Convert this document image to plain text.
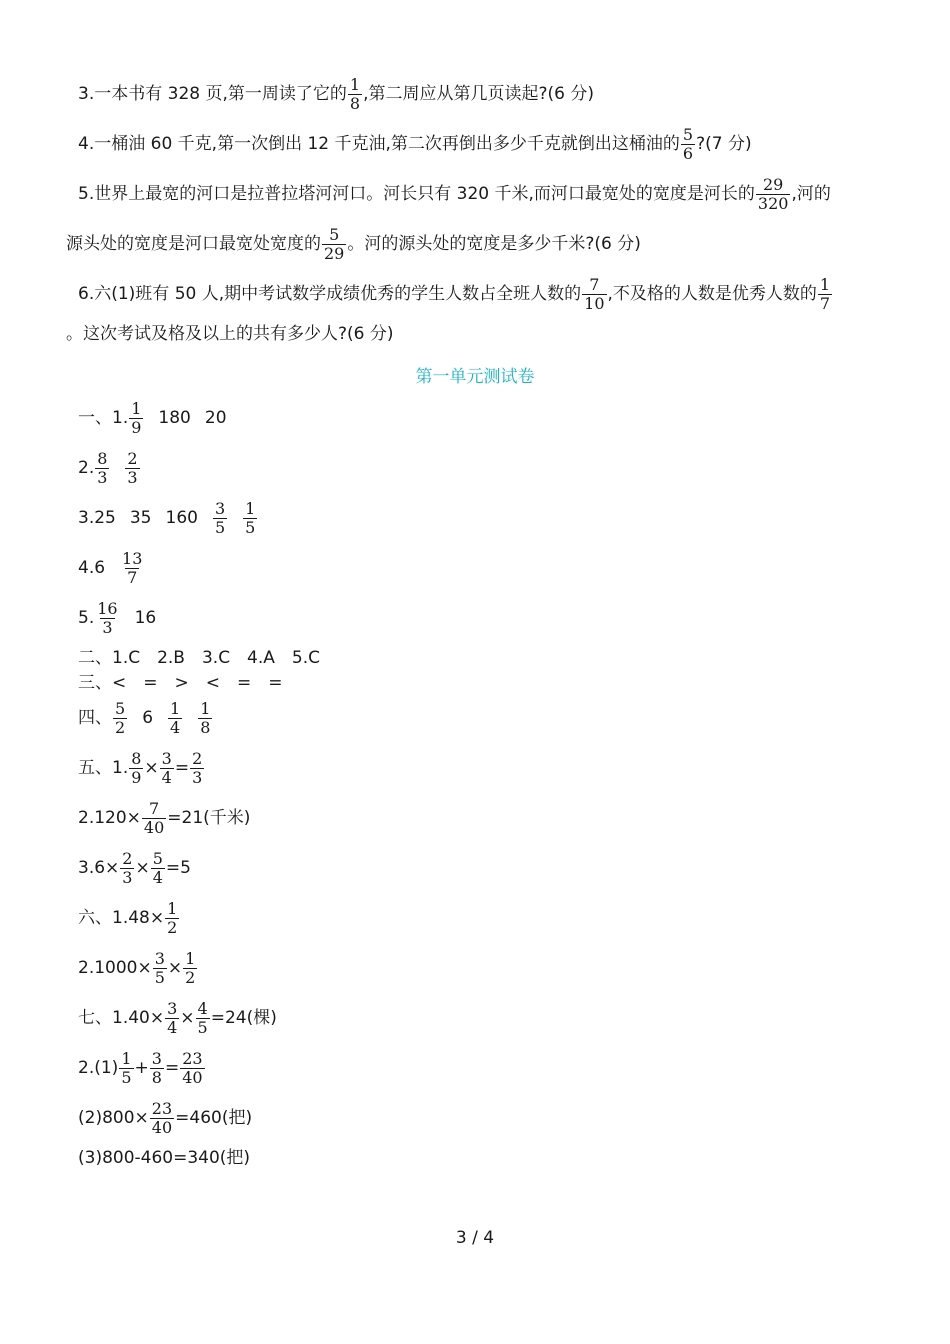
3.一本书有 328 页,第一周读了它的 $\frac{1}{8}$ ,第二周应从第几页读起?(6 分)
4.一桶油 60 千克,第一次倒出 12 千克油,第二次再倒出多少千克就倒出这桶油的 $\frac{5}{6}$ ?(7 分)
5.世界上最宽的河口是拉普拉塔河河口。河长只有 320 千米,而河口最宽处的宽度是河长的 $\frac{29}{320}$ ,河的
源头处的宽度是河口最宽处宽度的 $\frac{5}{29}$ 。河的源头处的宽度是多少千米?(6 分)
6.六(1)班有 50 人,期中考试数学成绩优秀的学生人数占全班人数的 $\frac{7}{10}$ ,不及格的人数是优秀人数的 $\frac{1}{7}$
。这次考试及格及以上的共有多少人?(6 分)
第一单元测试卷
一、1. $\frac{1}{9} 180$ 20
2. $\frac{8}{3} \frac{2}{3}$
3.25 35 $160 \frac{3}{5} \frac{1}{5}$
$4.6 \frac{13}{7}$
5. $\frac{16}{3} 16$
二、1.C　2.B　3.C　4.A　5.C
三、<　=　>　<　=　=
四、 $\frac{5}{2} 6 \frac{1}{4} \frac{1}{8}$
五、1. $\frac{8}{9} \times \frac{3}{4} = \frac{2}{3}$
$2.120\times \frac{7}{40} =21$(千米)
$3.6\times \frac{2}{3} \times \frac{5}{4} =5$
六、$1.48\times \frac{1}{2}$
$2.1000\times \frac{3}{5} \times \frac{1}{2}$
七、$1.40\times \frac{3}{4} \times \frac{4}{5} =24$(棵)
$2.(1) \frac{1}{5} + \frac{3}{8} = \frac{23}{40}$
$(2)800\times \frac{23}{40} =460$(把)
(3)800-460=340(把)
3 / 4
